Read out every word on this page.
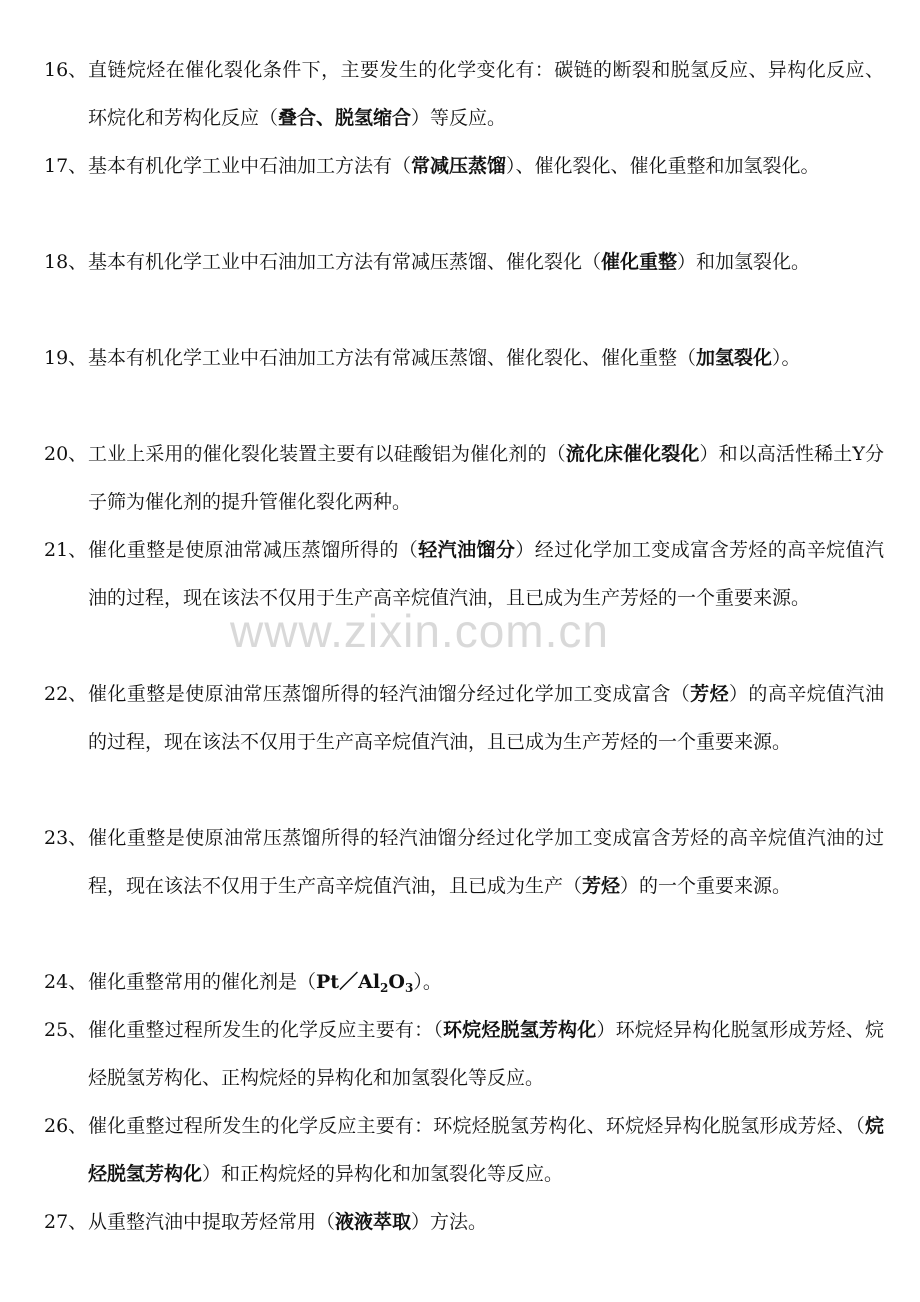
16、 直链烷烃在催化裂化条件下，主要发生的化学变化有：碳链的断裂和脱氢反应、异构化反应、环烷化和芳构化反应（叠合、脱氢缩合）等反应。
17、 基本有机化学工业中石油加工方法有（常减压蒸馏）、催化裂化、催化重整和加氢裂化。
18、 基本有机化学工业中石油加工方法有常减压蒸馏、催化裂化（催化重整）和加氢裂化。
19、 基本有机化学工业中石油加工方法有常减压蒸馏、催化裂化、催化重整（加氢裂化）。
20、 工业上采用的催化裂化装置主要有以硅酸铝为催化剂的（流化床催化裂化）和以高活性稀土Y分子筛为催化剂的提升管催化裂化两种。
21、 催化重整是使原油常减压蒸馏所得的（轻汽油馏分）经过化学加工变成富含芳烃的高辛烷值汽油的过程，现在该法不仅用于生产高辛烷值汽油，且已成为生产芳烃的一个重要来源。
22、 催化重整是使原油常压蒸馏所得的轻汽油馏分经过化学加工变成富含（芳烃）的高辛烷值汽油的过程，现在该法不仅用于生产高辛烷值汽油，且已成为生产芳烃的一个重要来源。
23、 催化重整是使原油常压蒸馏所得的轻汽油馏分经过化学加工变成富含芳烃的高辛烷值汽油的过程，现在该法不仅用于生产高辛烷值汽油，且已成为生产（芳烃）的一个重要来源。
24、 催化重整常用的催化剂是$(Pt/Al_2O_3)$。
25、 催化重整过程所发生的化学反应主要有：（环烷烃脱氢芳构化）环烷烃异构化脱氢形成芳烃、烷烃脱氢芳构化、正构烷烃的异构化和加氢裂化等反应。
26、 催化重整过程所发生的化学反应主要有：环烷烃脱氢芳构化、环烷烃异构化脱氢形成芳烃、（烷烃脱氢芳构化）和正构烷烃的异构化和加氢裂化等反应。
27、 从重整汽油中提取芳烃常用（液液萃取）方法。
www.zixin.com.cn
